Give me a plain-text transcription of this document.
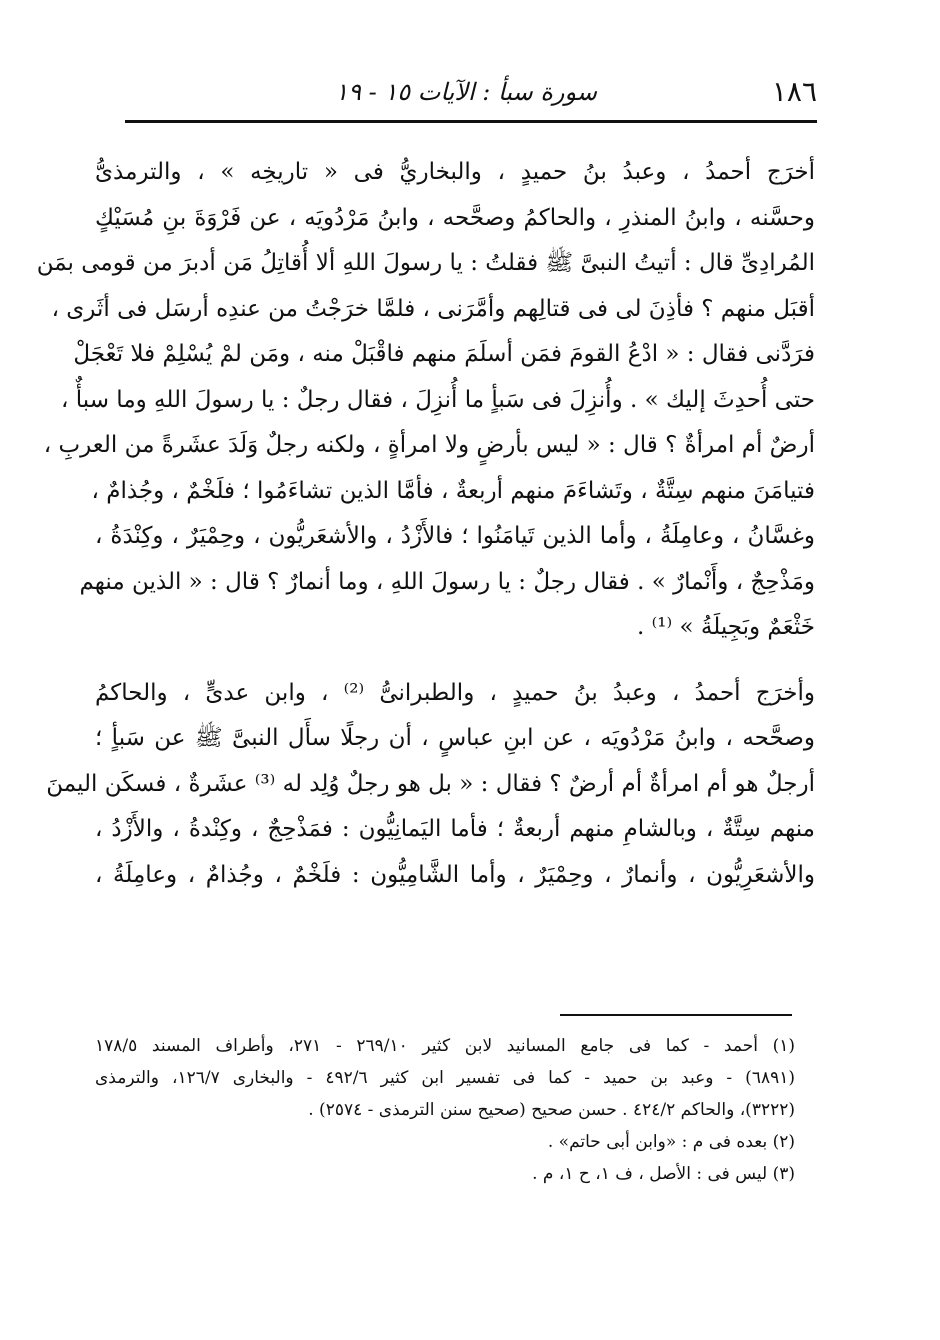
١٨٦
سورة سبأ : الآيات ١٥ - ١٩
أخرَج أحمدُ ، وعبدُ بنُ حميدٍ ، والبخاريُّ فى « تاريخِه » ، والترمذىُّ
وحسَّنه ، وابنُ المنذرِ ، والحاكمُ وصحَّحه ، وابنُ مَرْدُويَه ، عن فَرْوَةَ بنِ مُسَيْكٍ
المُرادِىِّ قال : أتيتُ النبىَّ ﷺ فقلتُ : يا رسولَ اللهِ ألا أُقاتِلُ مَن أدبرَ من قومى بمَن
أقبَل منهم ؟ فأذِنَ لى فى قتالِهم وأمَّرَنى ، فلمَّا خرَجْتُ من عندِه أرسَل فى أثَرى ،
فرَدَّنى فقال : « ادْعُ القومَ فمَن أسلَمَ منهم فاقْبَلْ منه ، ومَن لمْ يُسْلِمْ فلا تَعْجَلْ
حتى أُحدِثَ إليك » . وأُنزِلَ فى سَبأٍ ما أُنزِلَ ، فقال رجلٌ : يا رسولَ اللهِ وما سبأٌ ،
أرضٌ أم امرأةٌ ؟ قال : « ليس بأرضٍ ولا امرأةٍ ، ولكنه رجلٌ وَلَدَ عشَرةً من العربِ ،
فتيامَنَ منهم سِتَّةٌ ، وتَشاءَمَ منهم أربعةٌ ، فأمَّا الذين تشاءَمُوا ؛ فلَخْمٌ ، وجُذامٌ ،
وغسَّانُ ، وعامِلَةُ ، وأما الذين تَيامَنُوا ؛ فالأَزْدُ ، والأشعَريُّون ، وحِمْيَرٌ ، وكِنْدَةُ ،
ومَذْحِجٌ ، وأَنْمارٌ » . فقال رجلٌ : يا رسولَ اللهِ ، وما أنمارٌ ؟ قال : « الذين منهم
خَثْعَمٌ وبَجِيلَةُ » ⁽¹⁾ .
وأخرَج أحمدُ ، وعبدُ بنُ حميدٍ ، والطبرانىُّ ⁽²⁾ ، وابن عدىٍّ ، والحاكمُ
وصحَّحه ، وابنُ مَرْدُويَه ، عن ابنِ عباسٍ ، أن رجلًا سأَل النبىَّ ﷺ عن سَبأٍ ؛
أرجلٌ هو أم امرأةٌ أم أرضٌ ؟ فقال : « بل هو رجلٌ وُلِد له ⁽³⁾ عشَرةٌ ، فسكَن اليمنَ
منهم سِتَّةٌ ، وبالشامِ منهم أربعةٌ ؛ فأما اليَمانِيُّون : فمَذْحِجٌ ، وكِنْدةُ ، والأَزْدُ ،
والأشعَرِيُّون ، وأنمارٌ ، وحِمْيَرٌ ، وأما الشَّامِيُّون : فلَخْمٌ ، وجُذامٌ ، وعامِلَةُ ،

(١) أحمد - كما فى جامع المسانيد لابن كثير ٢٦٩/١٠ - ٢٧١، وأطراف المسند ١٧٨/٥

(٦٨٩١) - وعبد بن حميد - كما فى تفسير ابن كثير ٤٩٢/٦ - والبخارى ١٢٦/٧، والترمذى

(٣٢٢٢)، والحاكم ٤٢٤/٢ . حسن صحيح (صحيح سنن الترمذى - ٢٥٧٤) .

(٢) بعده فى م : «وابن أبى حاتم» .

(٣) ليس فى : الأصل ، ف ١، ح ١، م .
